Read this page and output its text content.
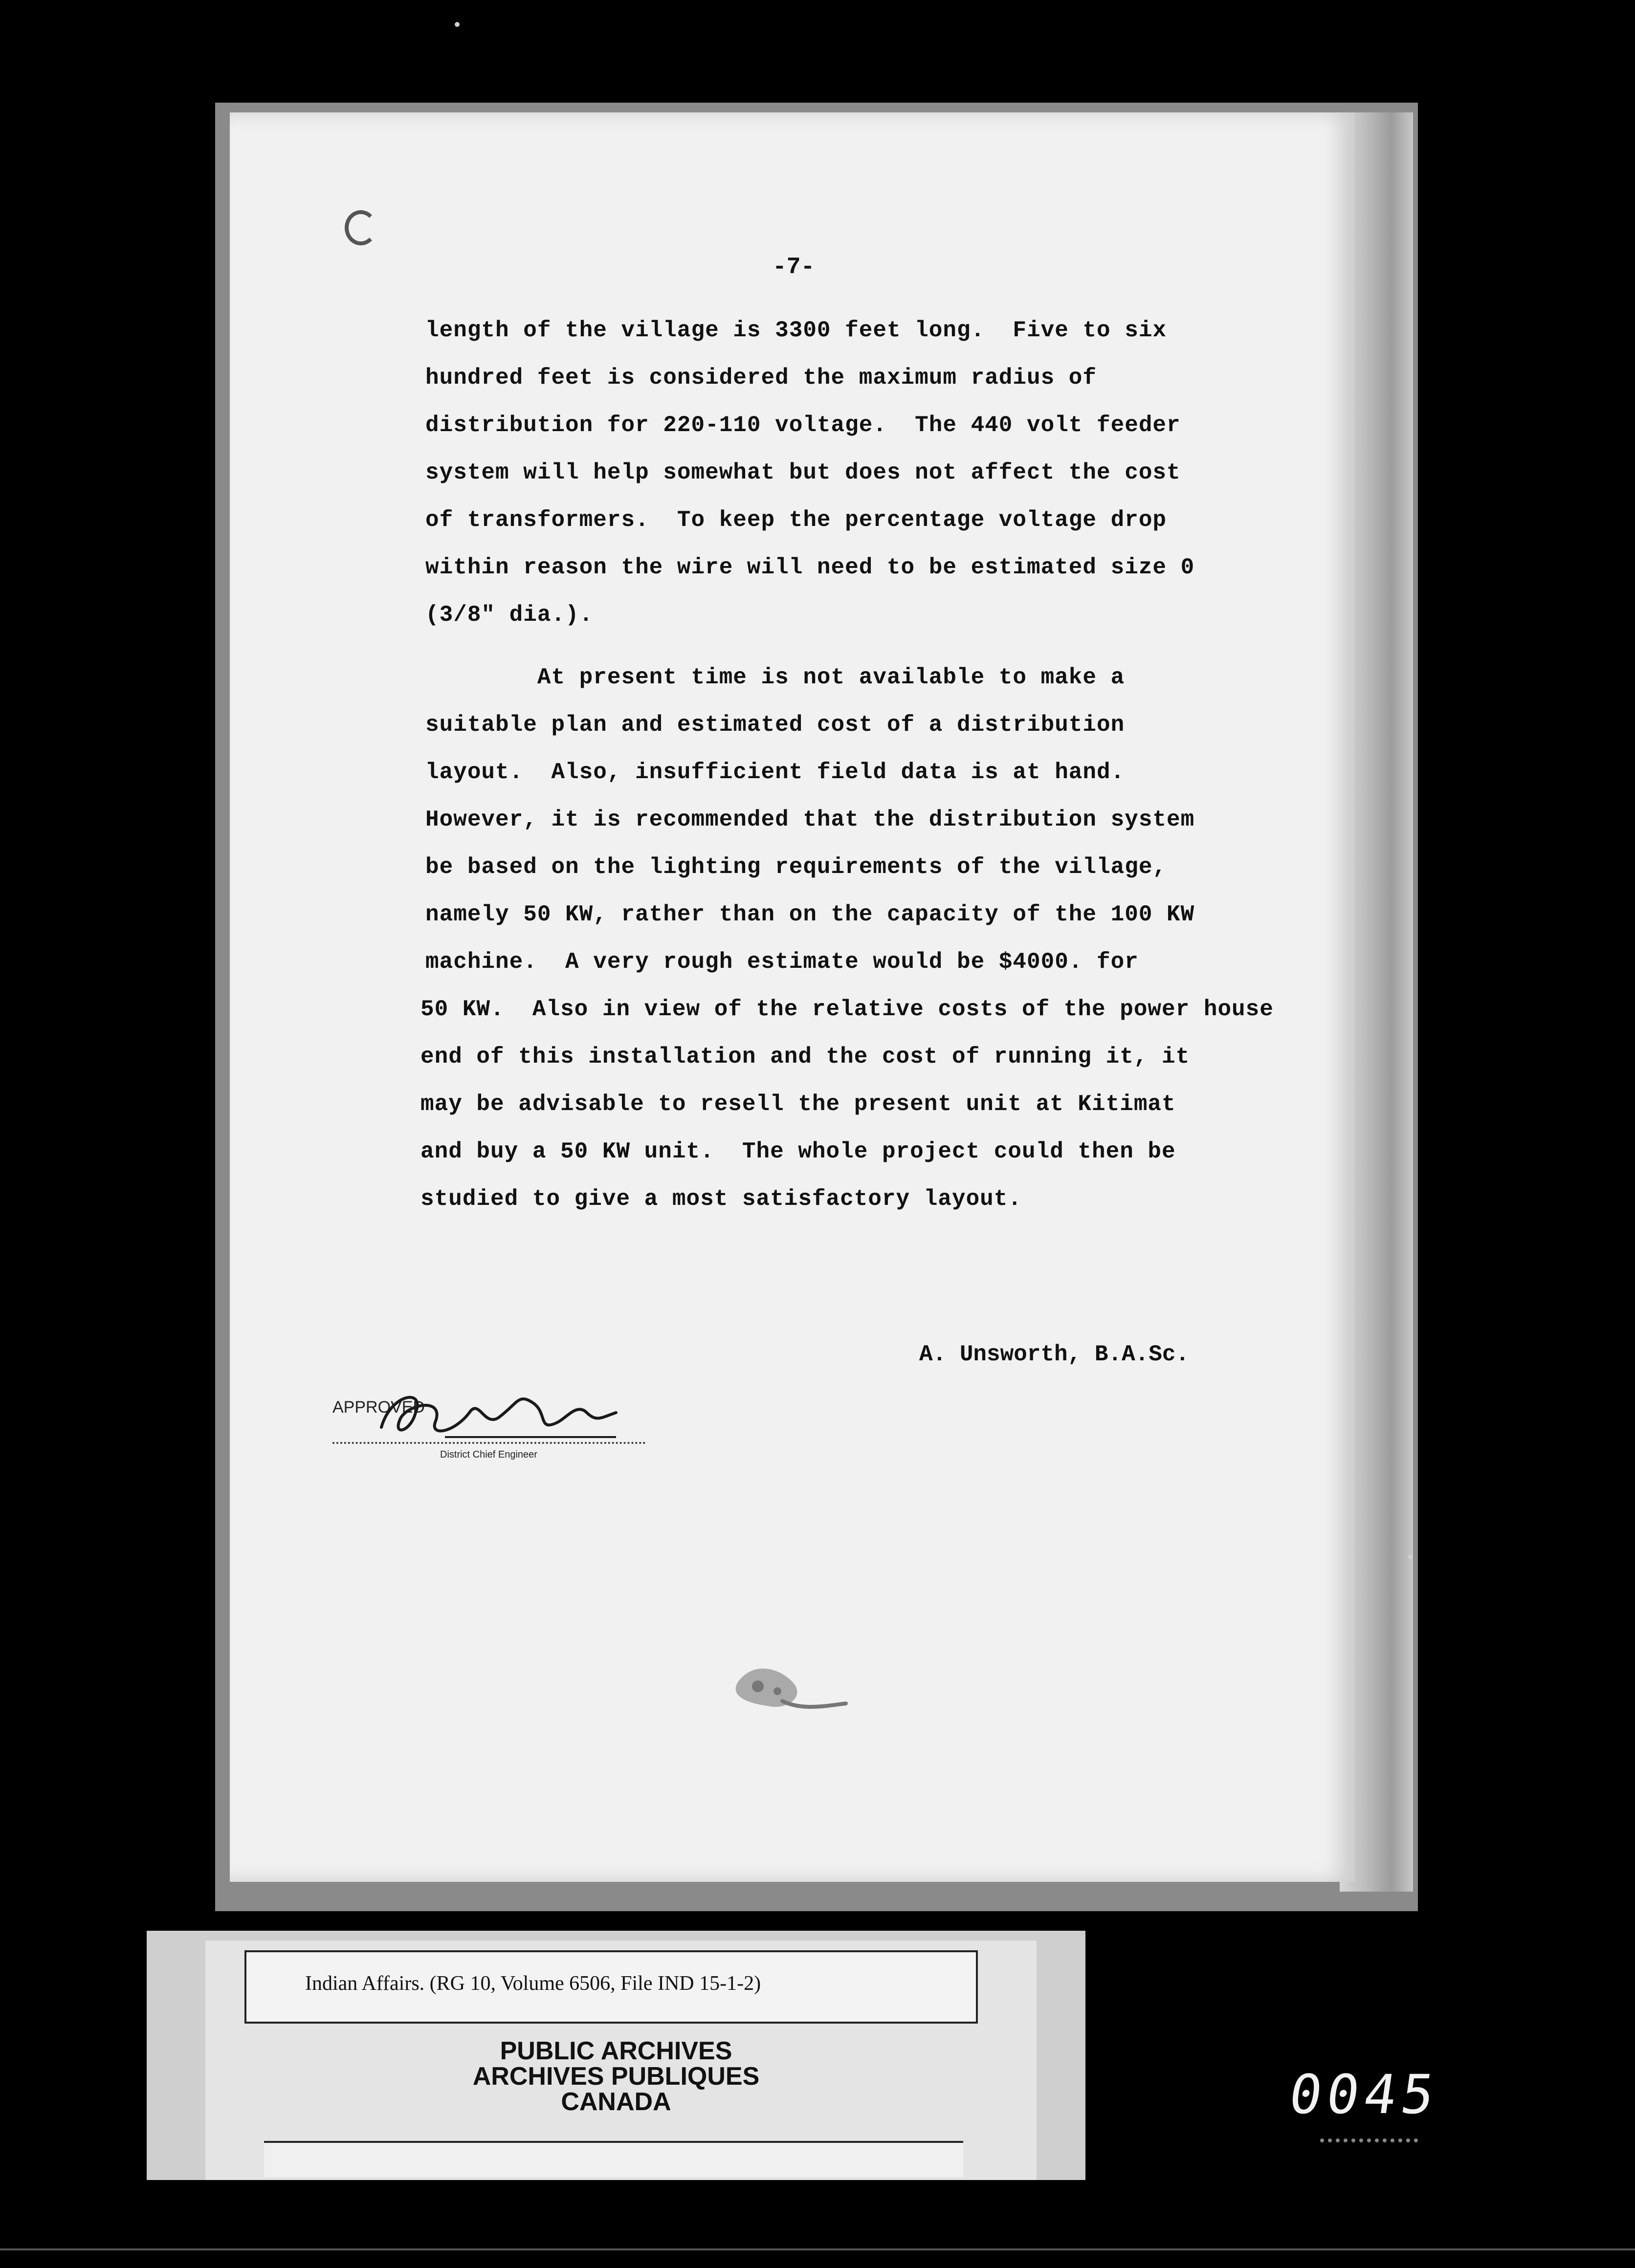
-7-
length of the village is 3300 feet long.  Five to six
hundred feet is considered the maximum radius of
distribution for 220-110 voltage.  The 440 volt feeder
system will help somewhat but does not affect the cost
of transformers.  To keep the percentage voltage drop
within reason the wire will need to be estimated size 0
(3/8" dia.).
At present time is not available to make a
suitable plan and estimated cost of a distribution
layout.  Also, insufficient field data is at hand.
However, it is recommended that the distribution system
be based on the lighting requirements of the village,
namely 50 KW, rather than on the capacity of the 100 KW
machine.  A very rough estimate would be $4000. for
50 KW.  Also in view of the relative costs of the power house
end of this installation and the cost of running it, it
may be advisable to resell the present unit at Kitimat
and buy a 50 KW unit.  The whole project could then be
studied to give a most satisfactory layout.
A. Unsworth, B.A.Sc.
APPROVED
District Chief Engineer
Indian Affairs. (RG 10, Volume 6506, File IND 15-1-2)
PUBLIC ARCHIVES
ARCHIVES PUBLIQUES
CANADA	0045
